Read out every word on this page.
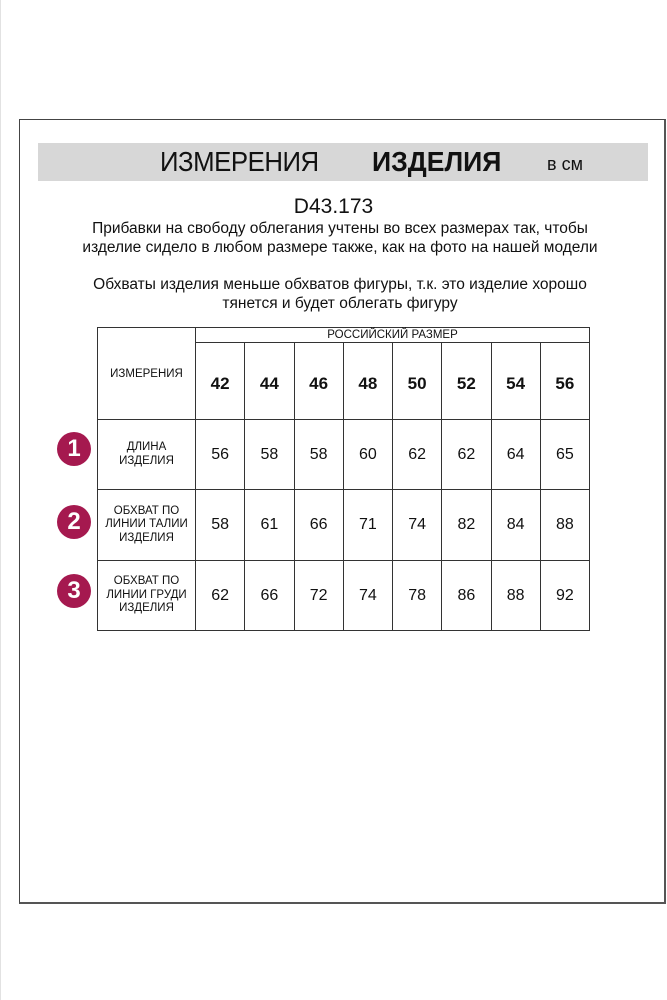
ИЗМЕРЕНИЯ ИЗДЕЛИЯ	в см
D43.173
Прибавки на свободу облегания учтены во всех размерах так, чтобы изделие сидело в любом размере также, как на фото на нашей модели
Обхваты изделия меньше обхватов фигуры, т.к. это изделие хорошо тянется и будет облегать фигуру
1
2
3
ИЗМЕРЕНИЯ	РОССИЙСКИЙ РАЗМЕР							
	42	44	46	48	50	52	54	56

ДЛИНА
ИЗДЕЛИЯ	56	58	58	60	62	62	64	65

ОБХВАТ ПО
ЛИНИИ ТАЛИИ
ИЗДЕЛИЯ	58	61	66	71	74	82	84	88

ОБХВАТ ПО
ЛИНИИ ГРУДИ
ИЗДЕЛИЯ	62	66	72	74	78	86	88	92
